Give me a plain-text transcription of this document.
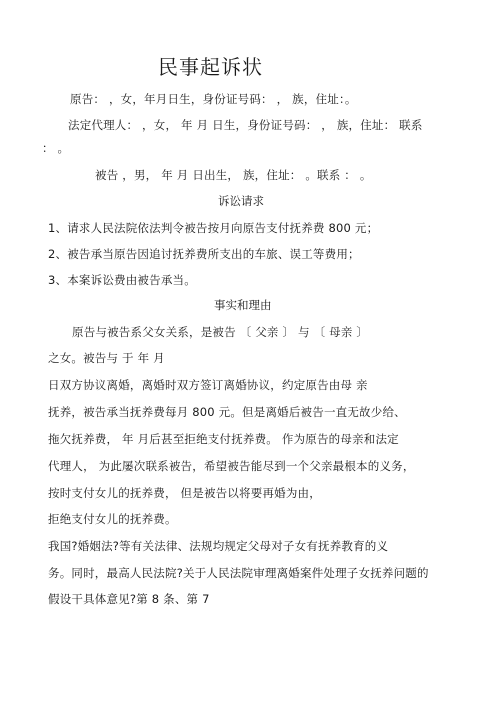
民事起诉状
原告： ，女，年月日生，身份证号码： ， 族，住址：。
法定代理人： ，女， 年 月 日生，身份证号码： ， 族，住址： 联系
： 。
被告 ，男， 年 月 日出生， 族，住址： 。联系 ： 。
诉讼请求
1、请求人民法院依法判令被告按月向原告支付抚养费 800 元；
2、被告承当原告因追讨抚养费所支出的车旅、误工等费用；
3、本案诉讼费由被告承当。
事实和理由
原告与被告系父女关系，是被告 〔 父亲 〕 与 〔 母亲 〕
之女。被告与 于 年 月
日双方协议离婚，离婚时双方签订离婚协议，约定原告由母 亲
抚养，被告承当抚养费每月 800 元。但是离婚后被告一直无故少给、
拖欠抚养费， 年 月后甚至拒绝支付抚养费。 作为原告的母亲和法定
代理人， 为此屡次联系被告，希望被告能尽到一个父亲最根本的义务，
按时支付女儿的抚养费， 但是被告以将要再婚为由，
拒绝支付女儿的抚养费。
我国?婚姻法?等有关法律、法规均规定父母对子女有抚养教育的义
务。同时，最高人民法院?关于人民法院审理离婚案件处理子女抚养问题的
假设干具体意见?第 8 条、第 7
